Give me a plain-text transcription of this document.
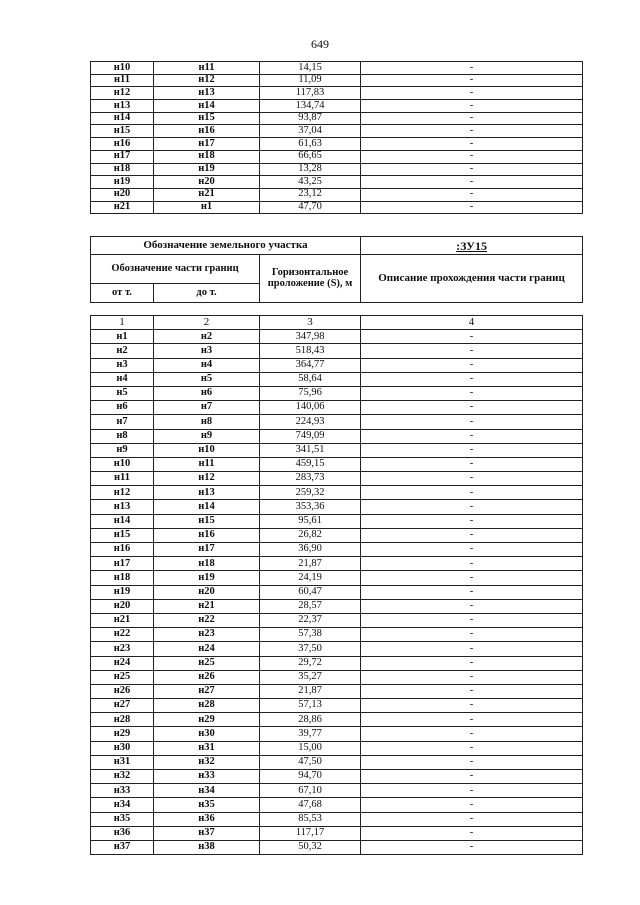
649
н10	н11	14,15	-
н11	н12	11,09	-
н12	н13	117,83	-
н13	н14	134,74	-
н14	н15	93,87	-
н15	н16	37,04	-
н16	н17	61,63	-
н17	н18	66,65	-
н18	н19	13,28	-
н19	н20	43,25	-
н20	н21	23,12	-
н21	н1	47,70	-
Обозначение земельного участка			:ЗУ15
Обозначение части границ		Горизонтальное проложение (S), м	Описание прохождения части границ
от т.	до т.		
1	2	3	4
н1	н2	347,98	-
н2	н3	518,43	-
н3	н4	364,77	-
н4	н5	58,64	-
н5	н6	75,96	-
н6	н7	140,06	-
н7	н8	224,93	-
н8	н9	749,09	-
н9	н10	341,51	-
н10	н11	459,15	-
н11	н12	283,73	-
н12	н13	259,32	-
н13	н14	353,36	-
н14	н15	95,61	-
н15	н16	26,82	-
н16	н17	36,90	-
н17	н18	21,87	-
н18	н19	24,19	-
н19	н20	60,47	-
н20	н21	28,57	-
н21	н22	22,37	-
н22	н23	57,38	-
н23	н24	37,50	-
н24	н25	29,72	-
н25	н26	35,27	-
н26	н27	21,87	-
н27	н28	57,13	-
н28	н29	28,86	-
н29	н30	39,77	-
н30	н31	15,00	-
н31	н32	47,50	-
н32	н33	94,70	-
н33	н34	67,10	-
н34	н35	47,68	-
н35	н36	85,53	-
н36	н37	117,17	-
н37	н38	50,32	-
